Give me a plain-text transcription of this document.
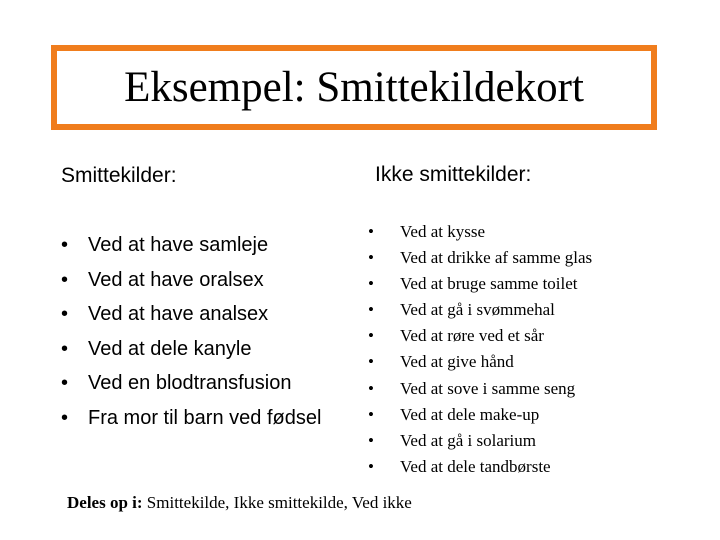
Eksempel: Smittekildekort
Smittekilder:	Ikke smittekilder:
• Ved at have samleje
• Ved at have oralsex
• Ved at have analsex
• Ved at dele kanyle
• Ved en blodtransfusion
• Fra mor til barn ved fødsel
• Ved at kysse
• Ved at drikke af samme glas
• Ved at bruge samme toilet
• Ved at gå i svømmehal
• Ved at røre ved et sår
• Ved at give hånd
• Ved at sove i samme seng
• Ved at dele make-up
• Ved at gå i solarium
• Ved at dele tandbørste
Deles op i: Smittekilde, Ikke smittekilde, Ved ikke
